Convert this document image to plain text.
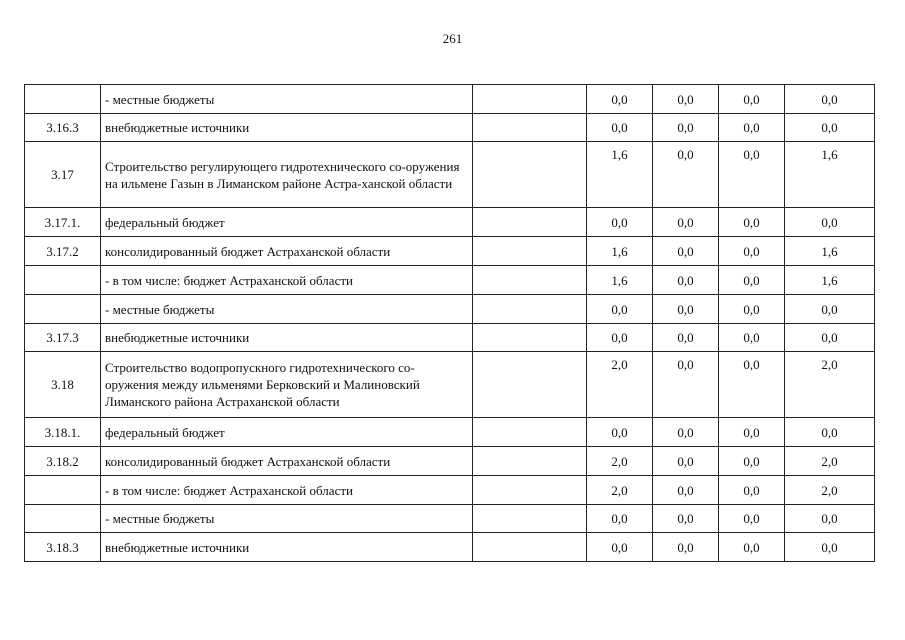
261
	- местные бюджеты		0,0	0,0	0,0	0,0
3.16.3	внебюджетные источники		0,0	0,0	0,0	0,0
3.17	Строительство регулирующего гидротехнического со-оружения на ильмене Газын в Лиманском районе Астра-ханской области		1,6	0,0	0,0	1,6
3.17.1.	федеральный бюджет		0,0	0,0	0,0	0,0
3.17.2	консолидированный бюджет Астраханской области		1,6	0,0	0,0	1,6
	- в том числе: бюджет Астраханской области		1,6	0,0	0,0	1,6
	- местные бюджеты		0,0	0,0	0,0	0,0
3.17.3	внебюджетные источники		0,0	0,0	0,0	0,0
3.18	Строительство водопропускного гидротехнического со-оружения между ильменями Берковский и Малиновский Лиманского района Астраханской области		2,0	0,0	0,0	2,0
3.18.1.	федеральный бюджет		0,0	0,0	0,0	0,0
3.18.2	консолидированный бюджет Астраханской области		2,0	0,0	0,0	2,0
	- в том числе: бюджет Астраханской области		2,0	0,0	0,0	2,0
	- местные бюджеты		0,0	0,0	0,0	0,0
3.18.3	внебюджетные источники		0,0	0,0	0,0	0,0
